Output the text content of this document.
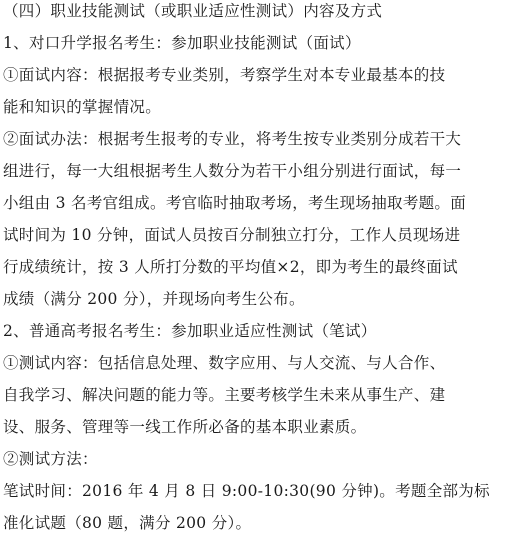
（四）职业技能测试（或职业适应性测试）内容及方式
1、对口升学报名考生：参加职业技能测试（面试）
①面试内容：根据报考专业类别，考察学生对本专业最基本的技
能和知识的掌握情况。
②面试办法：根据考生报考的专业，将考生按专业类别分成若干大
组进行，每一大组根据考生人数分为若干小组分别进行面试，每一
小组由 3 名考官组成。考官临时抽取考场，考生现场抽取考题。面
试时间为 10 分钟，面试人员按百分制独立打分，工作人员现场进
行成绩统计，按 3 人所打分数的平均值×2，即为考生的最终面试
成绩（满分 200 分），并现场向考生公布。
2、普通高考报名考生：参加职业适应性测试（笔试）
①测试内容：包括信息处理、数字应用、与人交流、与人合作、
自我学习、解决问题的能力等。主要考核学生未来从事生产、建
设、服务、管理等一线工作所必备的基本职业素质。
②测试方法：
笔试时间：2016 年 4 月 8 日 9:00-10:30(90 分钟)。考题全部为标
准化试题（80 题，满分 200 分）。
